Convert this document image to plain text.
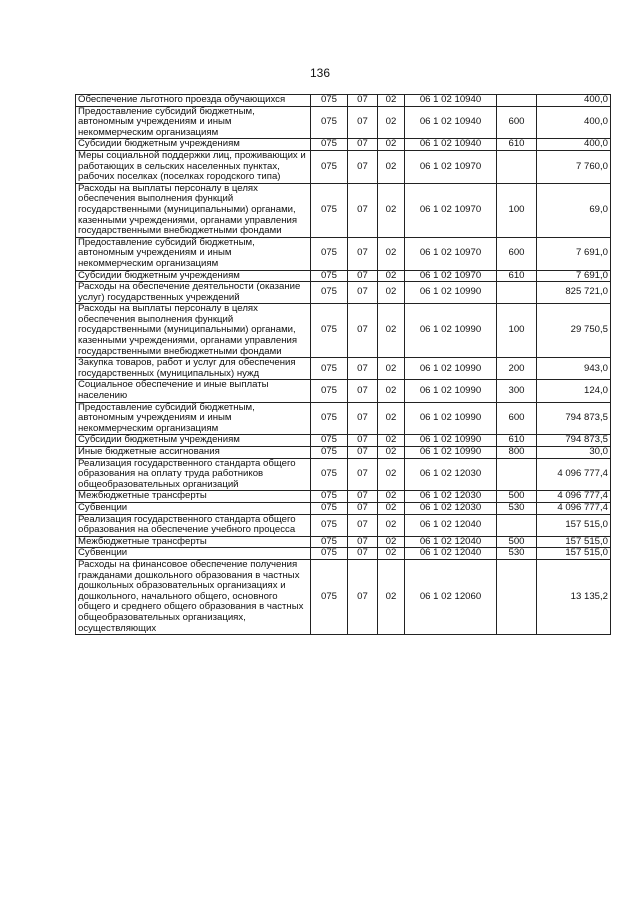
136
Обеспечение льготного проезда обучающихся	075	07	02	06 1 02 10940		400,0
Предоставление субсидий бюджетным, автономным учреждениям и иным некоммерческим организациям	075	07	02	06 1 02 10940	600	400,0
Субсидии бюджетным учреждениям	075	07	02	06 1 02 10940	610	400,0
Меры социальной поддержки лиц, проживающих и работающих в сельских населенных пунктах, рабочих поселках (поселках городского типа)	075	07	02	06 1 02 10970		7 760,0
Расходы на выплаты персоналу в целях обеспечения выполнения функций государственными (муниципальными) органами, казенными учреждениями, органами управления государственными внебюджетными фондами	075	07	02	06 1 02 10970	100	69,0
Предоставление субсидий бюджетным, автономным учреждениям и иным некоммерческим организациям	075	07	02	06 1 02 10970	600	7 691,0
Субсидии бюджетным учреждениям	075	07	02	06 1 02 10970	610	7 691,0
Расходы на обеспечение деятельности (оказание услуг) государственных учреждений	075	07	02	06 1 02 10990		825 721,0
Расходы на выплаты персоналу в целях обеспечения выполнения функций государственными (муниципальными) органами, казенными учреждениями, органами управления государственными внебюджетными фондами	075	07	02	06 1 02 10990	100	29 750,5
Закупка товаров, работ и услуг для обеспечения государственных (муниципальных) нужд	075	07	02	06 1 02 10990	200	943,0
Социальное обеспечение и иные выплаты населению	075	07	02	06 1 02 10990	300	124,0
Предоставление субсидий бюджетным, автономным учреждениям и иным некоммерческим организациям	075	07	02	06 1 02 10990	600	794 873,5
Субсидии бюджетным учреждениям	075	07	02	06 1 02 10990	610	794 873,5
Иные бюджетные ассигнования	075	07	02	06 1 02 10990	800	30,0
Реализация государственного стандарта общего образования на оплату труда работников общеобразовательных организаций	075	07	02	06 1 02 12030		4 096 777,4
Межбюджетные трансферты	075	07	02	06 1 02 12030	500	4 096 777,4
Субвенции	075	07	02	06 1 02 12030	530	4 096 777,4
Реализация государственного стандарта общего образования на обеспечение учебного процесса	075	07	02	06 1 02 12040		157 515,0
Межбюджетные трансферты	075	07	02	06 1 02 12040	500	157 515,0
Субвенции	075	07	02	06 1 02 12040	530	157 515,0
Расходы на финансовое обеспечение получения гражданами дошкольного образования в частных дошкольных образовательных организациях и дошкольного, начального общего, основного общего и среднего общего образования в частных общеобразовательных организациях, осуществляющих	075	07	02	06 1 02 12060		13 135,2
